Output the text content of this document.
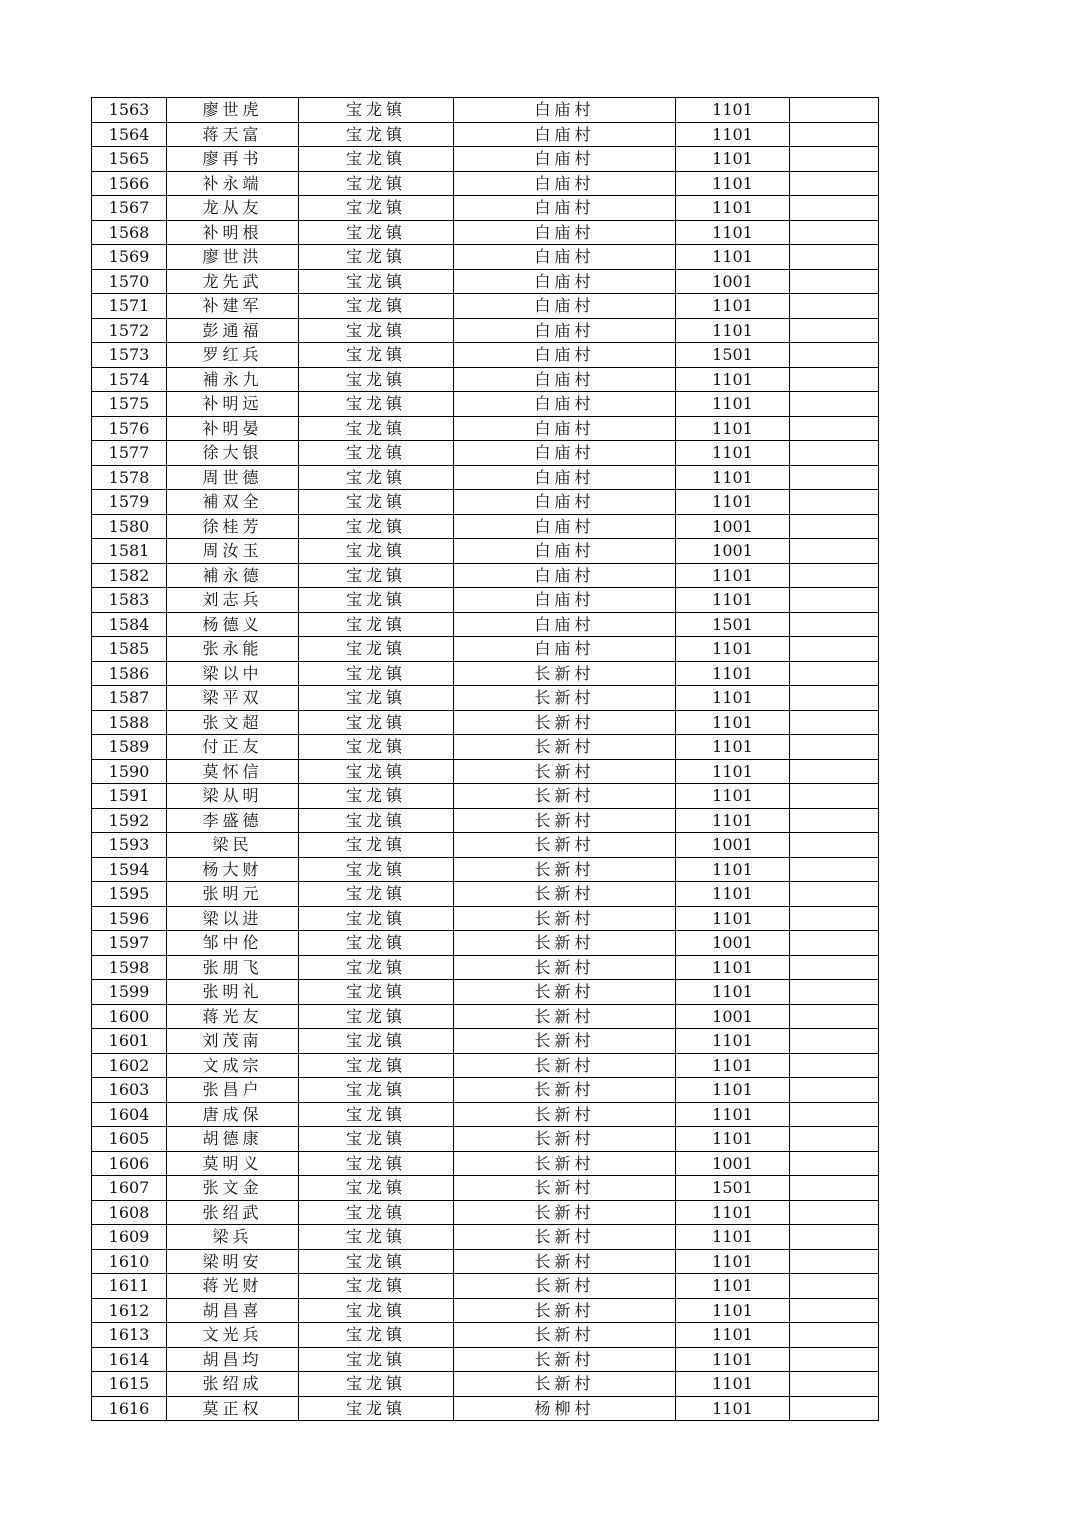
1563	廖世虎	宝龙镇	白庙村	1101	
1564	蒋天富	宝龙镇	白庙村	1101	
1565	廖再书	宝龙镇	白庙村	1101	
1566	补永端	宝龙镇	白庙村	1101	
1567	龙从友	宝龙镇	白庙村	1101	
1568	补明根	宝龙镇	白庙村	1101	
1569	廖世洪	宝龙镇	白庙村	1101	
1570	龙先武	宝龙镇	白庙村	1001	
1571	补建军	宝龙镇	白庙村	1101	
1572	彭通福	宝龙镇	白庙村	1101	
1573	罗红兵	宝龙镇	白庙村	1501	
1574	補永九	宝龙镇	白庙村	1101	
1575	补明远	宝龙镇	白庙村	1101	
1576	补明晏	宝龙镇	白庙村	1101	
1577	徐大银	宝龙镇	白庙村	1101	
1578	周世德	宝龙镇	白庙村	1101	
1579	補双全	宝龙镇	白庙村	1101	
1580	徐桂芳	宝龙镇	白庙村	1001	
1581	周汝玉	宝龙镇	白庙村	1001	
1582	補永德	宝龙镇	白庙村	1101	
1583	刘志兵	宝龙镇	白庙村	1101	
1584	杨德义	宝龙镇	白庙村	1501	
1585	张永能	宝龙镇	白庙村	1101	
1586	梁以中	宝龙镇	长新村	1101	
1587	梁平双	宝龙镇	长新村	1101	
1588	张文超	宝龙镇	长新村	1101	
1589	付正友	宝龙镇	长新村	1101	
1590	莫怀信	宝龙镇	长新村	1101	
1591	梁从明	宝龙镇	长新村	1101	
1592	李盛德	宝龙镇	长新村	1101	
1593	梁民	宝龙镇	长新村	1001	
1594	杨大财	宝龙镇	长新村	1101	
1595	张明元	宝龙镇	长新村	1101	
1596	梁以进	宝龙镇	长新村	1101	
1597	邹中伦	宝龙镇	长新村	1001	
1598	张朋飞	宝龙镇	长新村	1101	
1599	张明礼	宝龙镇	长新村	1101	
1600	蒋光友	宝龙镇	长新村	1001	
1601	刘茂南	宝龙镇	长新村	1101	
1602	文成宗	宝龙镇	长新村	1101	
1603	张昌户	宝龙镇	长新村	1101	
1604	唐成保	宝龙镇	长新村	1101	
1605	胡德康	宝龙镇	长新村	1101	
1606	莫明义	宝龙镇	长新村	1001	
1607	张文金	宝龙镇	长新村	1501	
1608	张绍武	宝龙镇	长新村	1101	
1609	梁兵	宝龙镇	长新村	1101	
1610	梁明安	宝龙镇	长新村	1101	
1611	蒋光财	宝龙镇	长新村	1101	
1612	胡昌喜	宝龙镇	长新村	1101	
1613	文光兵	宝龙镇	长新村	1101	
1614	胡昌均	宝龙镇	长新村	1101	
1615	张绍成	宝龙镇	长新村	1101	
1616	莫正权	宝龙镇	杨柳村	1101	
